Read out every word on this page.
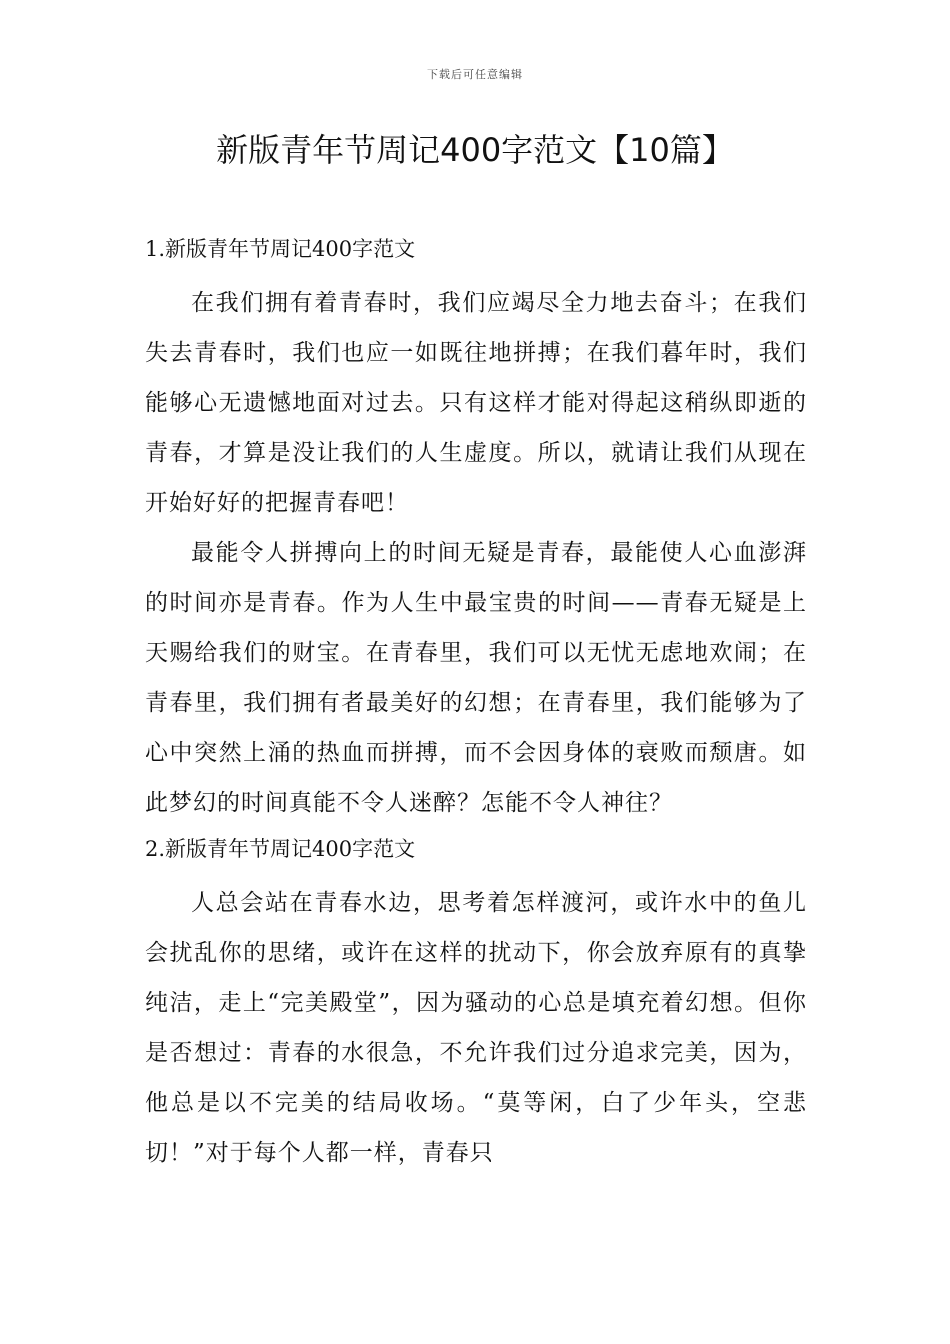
下载后可任意编辑
新版青年节周记400字范文【10篇】
1.新版青年节周记400字范文

在我们拥有着青春时，我们应竭尽全力地去奋斗；在我们失去青春时，我们也应一如既往地拼搏；在我们暮年时，我们能够心无遗憾地面对过去。只有这样才能对得起这稍纵即逝的青春，才算是没让我们的人生虚度。所以，就请让我们从现在开始好好的把握青春吧！

最能令人拼搏向上的时间无疑是青春，最能使人心血澎湃的时间亦是青春。作为人生中最宝贵的时间——青春无疑是上天赐给我们的财宝。在青春里，我们可以无忧无虑地欢闹；在青春里，我们拥有者最美好的幻想；在青春里，我们能够为了心中突然上涌的热血而拼搏，而不会因身体的衰败而颓唐。如此梦幻的时间真能不令人迷醉？怎能不令人神往？

2.新版青年节周记400字范文

人总会站在青春水边，思考着怎样渡河，或许水中的鱼儿会扰乱你的思绪，或许在这样的扰动下，你会放弃原有的真挚纯洁，走上“完美殿堂”，因为骚动的心总是填充着幻想。但你是否想过：青春的水很急，不允许我们过分追求完美，因为，他总是以不完美的结局收场。“莫等闲，白了少年头，空悲切！”对于每个人都一样，青春只
